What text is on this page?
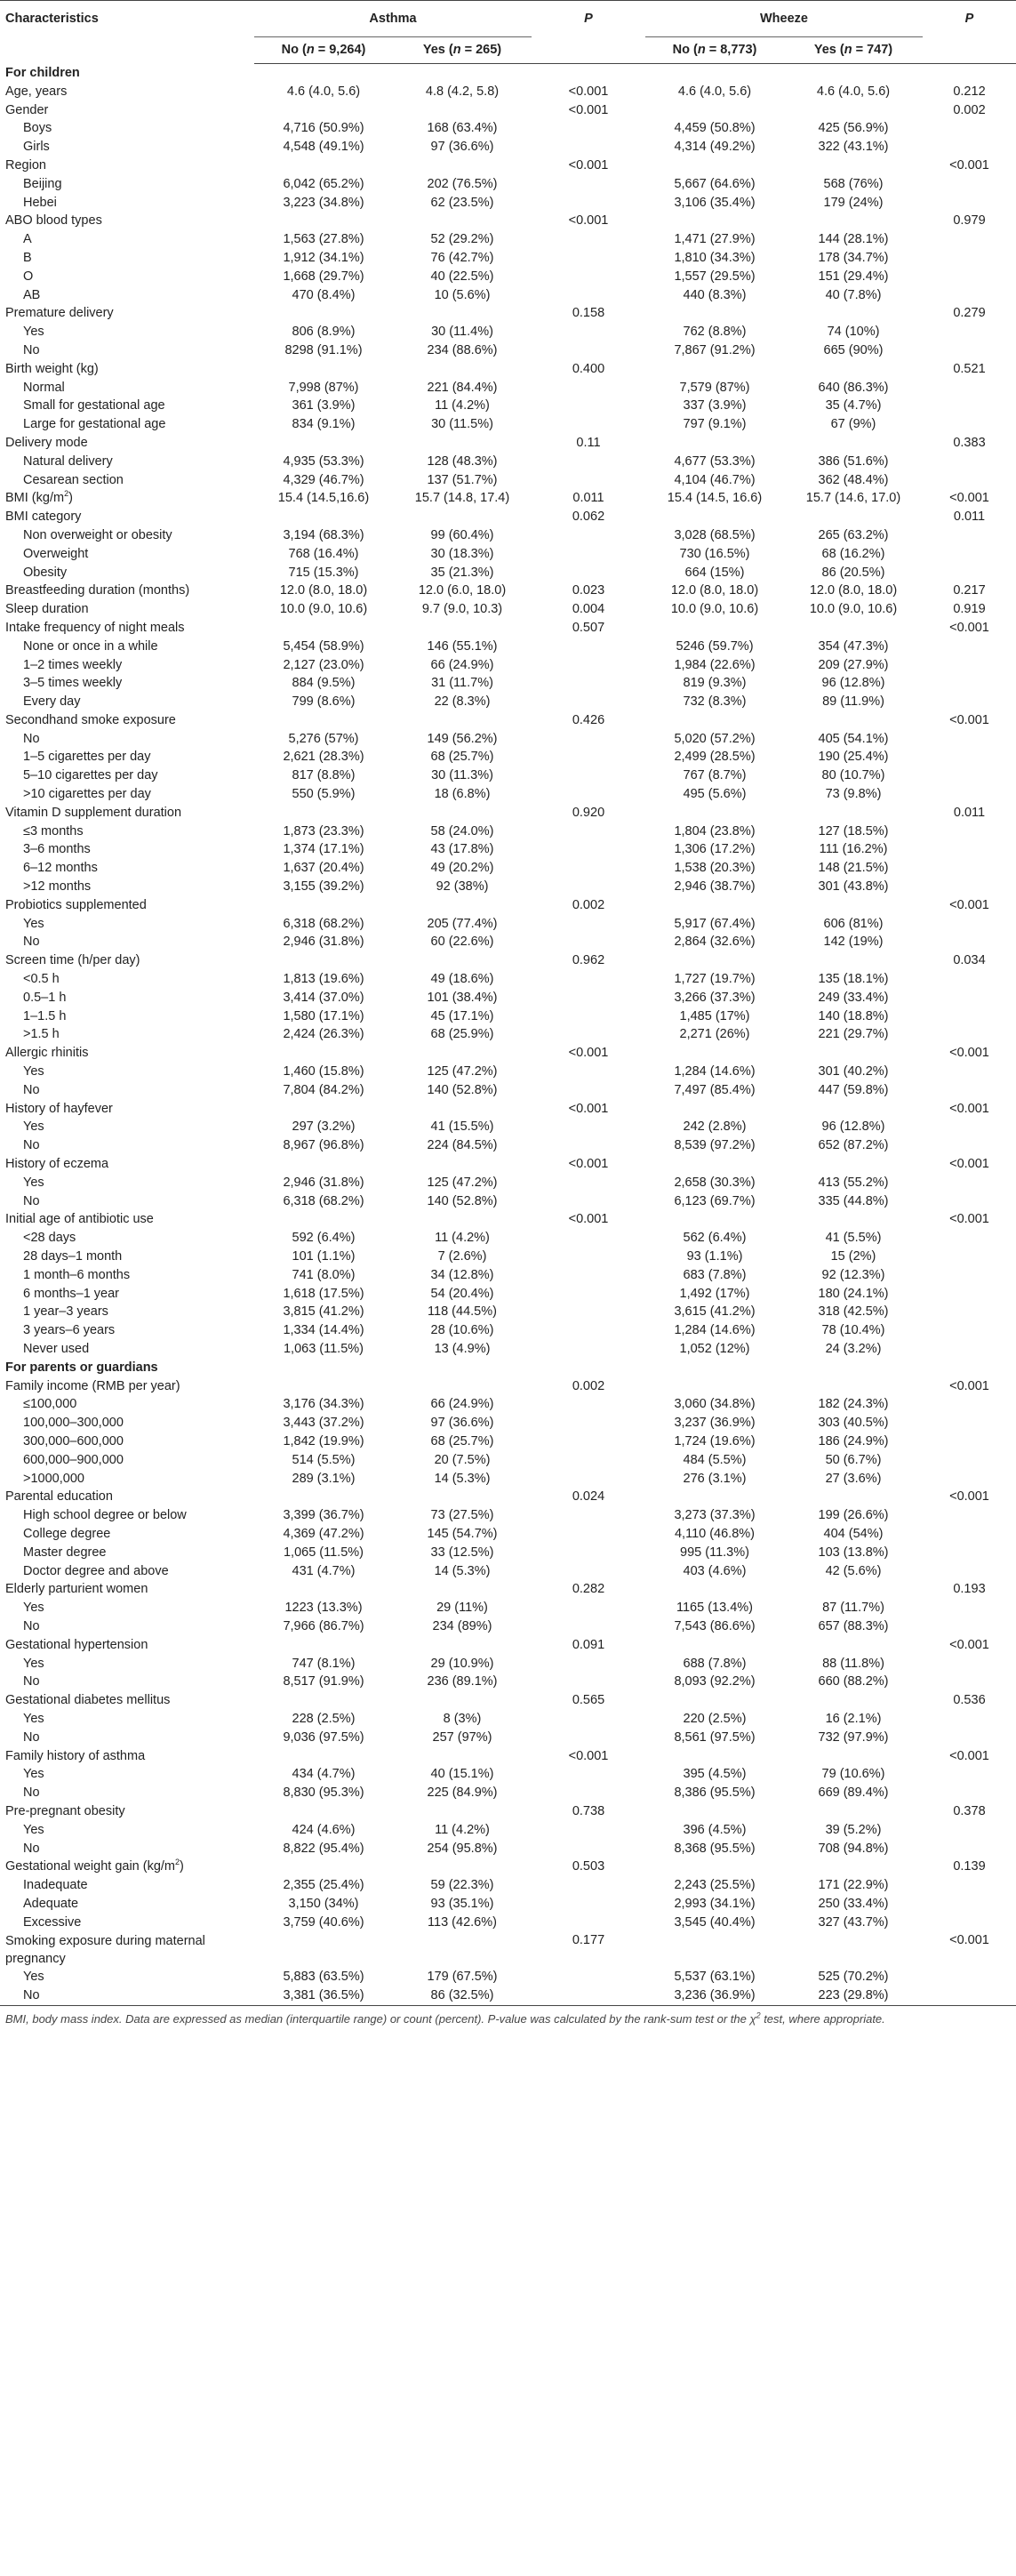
Characteristics	Asthma		P	Wheeze		P
	No (n = 9,264)	Yes (n = 265)		No (n = 8,773)	Yes (n = 747)	
For children						
Age, years	4.6 (4.0, 5.6)	4.8 (4.2, 5.8)	<0.001	4.6 (4.0, 5.6)	4.6 (4.0, 5.6)	0.212
Gender			<0.001			0.002
Boys	4,716 (50.9%)	168 (63.4%)		4,459 (50.8%)	425 (56.9%)	
Girls	4,548 (49.1%)	97 (36.6%)		4,314 (49.2%)	322 (43.1%)	
Region			<0.001			<0.001
Beijing	6,042 (65.2%)	202 (76.5%)		5,667 (64.6%)	568 (76%)	
Hebei	3,223 (34.8%)	62 (23.5%)		3,106 (35.4%)	179 (24%)	
ABO blood types			<0.001			0.979
A	1,563 (27.8%)	52 (29.2%)		1,471 (27.9%)	144 (28.1%)	
B	1,912 (34.1%)	76 (42.7%)		1,810 (34.3%)	178 (34.7%)	
O	1,668 (29.7%)	40 (22.5%)		1,557 (29.5%)	151 (29.4%)	
AB	470 (8.4%)	10 (5.6%)		440 (8.3%)	40 (7.8%)	
Premature delivery			0.158			0.279
Yes	806 (8.9%)	30 (11.4%)		762 (8.8%)	74 (10%)	
No	8298 (91.1%)	234 (88.6%)		7,867 (91.2%)	665 (90%)	
Birth weight (kg)			0.400			0.521
Normal	7,998 (87%)	221 (84.4%)		7,579 (87%)	640 (86.3%)	
Small for gestational age	361 (3.9%)	11 (4.2%)		337 (3.9%)	35 (4.7%)	
Large for gestational age	834 (9.1%)	30 (11.5%)		797 (9.1%)	67 (9%)	
Delivery mode			0.11			0.383
Natural delivery	4,935 (53.3%)	128 (48.3%)		4,677 (53.3%)	386 (51.6%)	
Cesarean section	4,329 (46.7%)	137 (51.7%)		4,104 (46.7%)	362 (48.4%)	
BMI $(kg/m^2)$	15.4 (14.5,16.6)	15.7 (14.8, 17.4)	0.011	15.4 (14.5, 16.6)	15.7 (14.6, 17.0)	<0.001
BMI category			0.062			0.011
Non overweight or obesity	3,194 (68.3%)	99 (60.4%)		3,028 (68.5%)	265 (63.2%)	
Overweight	768 (16.4%)	30 (18.3%)		730 (16.5%)	68 (16.2%)	
Obesity	715 (15.3%)	35 (21.3%)		664 (15%)	86 (20.5%)	
Breastfeeding duration (months)	12.0 (8.0, 18.0)	12.0 (6.0, 18.0)	0.023	12.0 (8.0, 18.0)	12.0 (8.0, 18.0)	0.217
Sleep duration	10.0 (9.0, 10.6)	9.7 (9.0, 10.3)	0.004	10.0 (9.0, 10.6)	10.0 (9.0, 10.6)	0.919
Intake frequency of night meals			0.507			<0.001
None or once in a while	5,454 (58.9%)	146 (55.1%)		5246 (59.7%)	354 (47.3%)	
1–2 times weekly	2,127 (23.0%)	66 (24.9%)		1,984 (22.6%)	209 (27.9%)	
3–5 times weekly	884 (9.5%)	31 (11.7%)		819 (9.3%)	96 (12.8%)	
Every day	799 (8.6%)	22 (8.3%)		732 (8.3%)	89 (11.9%)	
Secondhand smoke exposure			0.426			<0.001
No	5,276 (57%)	149 (56.2%)		5,020 (57.2%)	405 (54.1%)	
1–5 cigarettes per day	2,621 (28.3%)	68 (25.7%)		2,499 (28.5%)	190 (25.4%)	
5–10 cigarettes per day	817 (8.8%)	30 (11.3%)		767 (8.7%)	80 (10.7%)	
>10 cigarettes per day	550 (5.9%)	18 (6.8%)		495 (5.6%)	73 (9.8%)	
Vitamin D supplement duration			0.920			0.011
≤3 months	1,873 (23.3%)	58 (24.0%)		1,804 (23.8%)	127 (18.5%)	
3–6 months	1,374 (17.1%)	43 (17.8%)		1,306 (17.2%)	111 (16.2%)	
6–12 months	1,637 (20.4%)	49 (20.2%)		1,538 (20.3%)	148 (21.5%)	
>12 months	3,155 (39.2%)	92 (38%)		2,946 (38.7%)	301 (43.8%)	
Probiotics supplemented			0.002			<0.001
Yes	6,318 (68.2%)	205 (77.4%)		5,917 (67.4%)	606 (81%)	
No	2,946 (31.8%)	60 (22.6%)		2,864 (32.6%)	142 (19%)	
Screen time (h/per day)			0.962			0.034
<0.5 h	1,813 (19.6%)	49 (18.6%)		1,727 (19.7%)	135 (18.1%)	
0.5–1 h	3,414 (37.0%)	101 (38.4%)		3,266 (37.3%)	249 (33.4%)	
1–1.5 h	1,580 (17.1%)	45 (17.1%)		1,485 (17%)	140 (18.8%)	
>1.5 h	2,424 (26.3%)	68 (25.9%)		2,271 (26%)	221 (29.7%)	
Allergic rhinitis			<0.001			<0.001
Yes	1,460 (15.8%)	125 (47.2%)		1,284 (14.6%)	301 (40.2%)	
No	7,804 (84.2%)	140 (52.8%)		7,497 (85.4%)	447 (59.8%)	
History of hayfever			<0.001			<0.001
Yes	297 (3.2%)	41 (15.5%)		242 (2.8%)	96 (12.8%)	
No	8,967 (96.8%)	224 (84.5%)		8,539 (97.2%)	652 (87.2%)	
History of eczema			<0.001			<0.001
Yes	2,946 (31.8%)	125 (47.2%)		2,658 (30.3%)	413 (55.2%)	
No	6,318 (68.2%)	140 (52.8%)		6,123 (69.7%)	335 (44.8%)	
Initial age of antibiotic use			<0.001			<0.001
<28 days	592 (6.4%)	11 (4.2%)		562 (6.4%)	41 (5.5%)	
28 days–1 month	101 (1.1%)	7 (2.6%)		93 (1.1%)	15 (2%)	
1 month–6 months	741 (8.0%)	34 (12.8%)		683 (7.8%)	92 (12.3%)	
6 months–1 year	1,618 (17.5%)	54 (20.4%)		1,492 (17%)	180 (24.1%)	
1 year–3 years	3,815 (41.2%)	118 (44.5%)		3,615 (41.2%)	318 (42.5%)	
3 years–6 years	1,334 (14.4%)	28 (10.6%)		1,284 (14.6%)	78 (10.4%)	
Never used	1,063 (11.5%)	13 (4.9%)		1,052 (12%)	24 (3.2%)	
For parents or guardians						
Family income (RMB per year)			0.002			<0.001
≤100,000	3,176 (34.3%)	66 (24.9%)		3,060 (34.8%)	182 (24.3%)	
100,000–300,000	3,443 (37.2%)	97 (36.6%)		3,237 (36.9%)	303 (40.5%)	
300,000–600,000	1,842 (19.9%)	68 (25.7%)		1,724 (19.6%)	186 (24.9%)	
600,000–900,000	514 (5.5%)	20 (7.5%)		484 (5.5%)	50 (6.7%)	
>1000,000	289 (3.1%)	14 (5.3%)		276 (3.1%)	27 (3.6%)	
Parental education			0.024			<0.001
High school degree or below	3,399 (36.7%)	73 (27.5%)		3,273 (37.3%)	199 (26.6%)	
College degree	4,369 (47.2%)	145 (54.7%)		4,110 (46.8%)	404 (54%)	
Master degree	1,065 (11.5%)	33 (12.5%)		995 (11.3%)	103 (13.8%)	
Doctor degree and above	431 (4.7%)	14 (5.3%)		403 (4.6%)	42 (5.6%)	
Elderly parturient women			0.282			0.193
Yes	1223 (13.3%)	29 (11%)		1165 (13.4%)	87 (11.7%)	
No	7,966 (86.7%)	234 (89%)		7,543 (86.6%)	657 (88.3%)	
Gestational hypertension			0.091			<0.001
Yes	747 (8.1%)	29 (10.9%)		688 (7.8%)	88 (11.8%)	
No	8,517 (91.9%)	236 (89.1%)		8,093 (92.2%)	660 (88.2%)	
Gestational diabetes mellitus			0.565			0.536
Yes	228 (2.5%)	8 (3%)		220 (2.5%)	16 (2.1%)	
No	9,036 (97.5%)	257 (97%)		8,561 (97.5%)	732 (97.9%)	
Family history of asthma			<0.001			<0.001
Yes	434 (4.7%)	40 (15.1%)		395 (4.5%)	79 (10.6%)	
No	8,830 (95.3%)	225 (84.9%)		8,386 (95.5%)	669 (89.4%)	
Pre-pregnant obesity			0.738			0.378
Yes	424 (4.6%)	11 (4.2%)		396 (4.5%)	39 (5.2%)	
No	8,822 (95.4%)	254 (95.8%)		8,368 (95.5%)	708 (94.8%)	
Gestational weight gain $(kg/m^2)$			0.503			0.139
Inadequate	2,355 (25.4%)	59 (22.3%)		2,243 (25.5%)	171 (22.9%)	
Adequate	3,150 (34%)	93 (35.1%)		2,993 (34.1%)	250 (33.4%)	
Excessive	3,759 (40.6%)	113 (42.6%)		3,545 (40.4%)	327 (43.7%)	
Smoking exposure during maternal
pregnancy			0.177			<0.001
Yes	5,883 (63.5%)	179 (67.5%)		5,537 (63.1%)	525 (70.2%)	
No	3,381 (36.5%)	86 (32.5%)		3,236 (36.9%)	223 (29.8%)	
BMI, body mass index. Data are expressed as median (interquartile range) or count (percent). P-value was calculated by the rank-sum test or the $\chi^2$ test, where appropriate.
